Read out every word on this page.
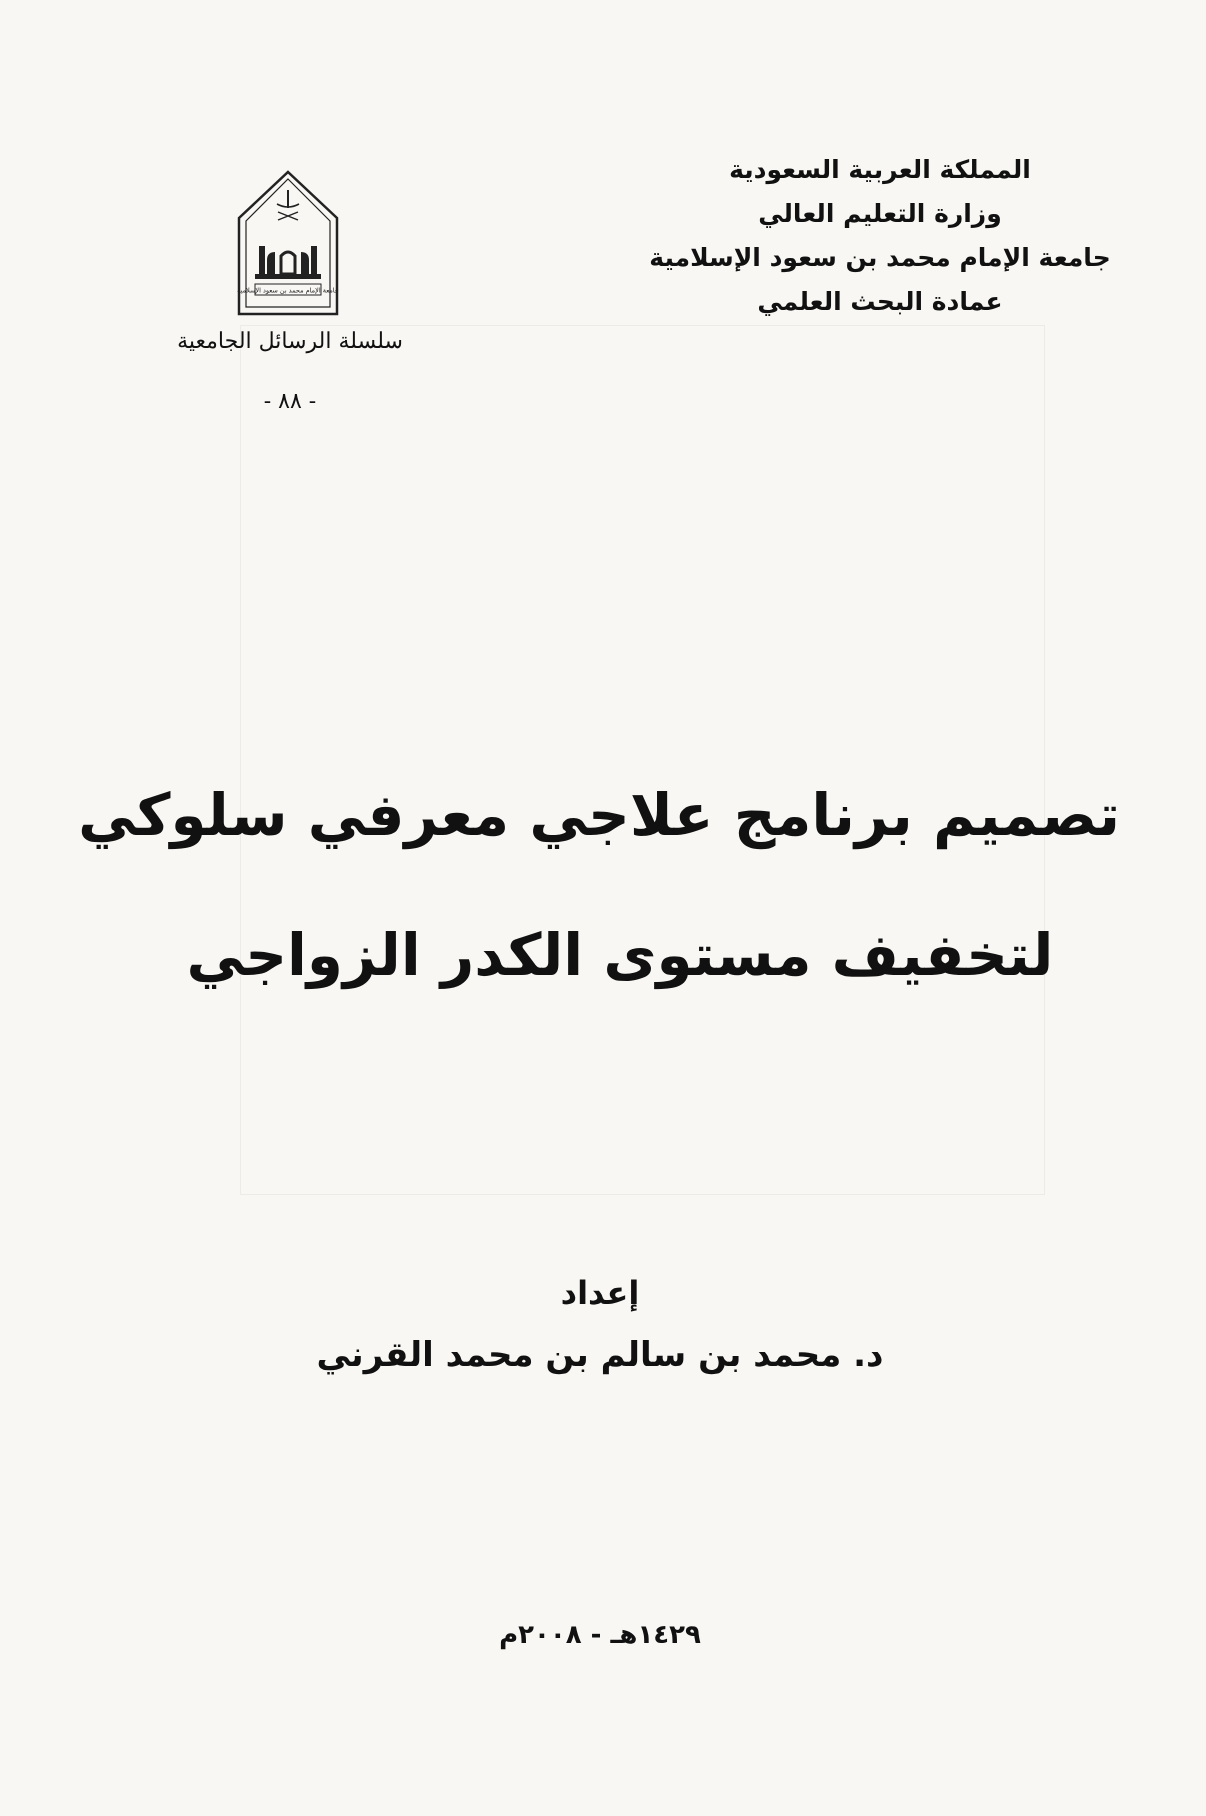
المملكة العربية السعودية
وزارة التعليم العالي
جامعة الإمام محمد بن سعود الإسلامية
عمادة البحث العلمي
جامعة الإمام محمد بن سعود الإسلامية
سلسلة الرسائل الجامعية
- ٨٨ -
تصميم برنامج علاجي معرفي سلوكي
لتخفيف مستوى الكدر الزواجي
إعداد
د. محمد بن سالم بن محمد القرني
١٤٢٩هـ - ٢٠٠٨م
